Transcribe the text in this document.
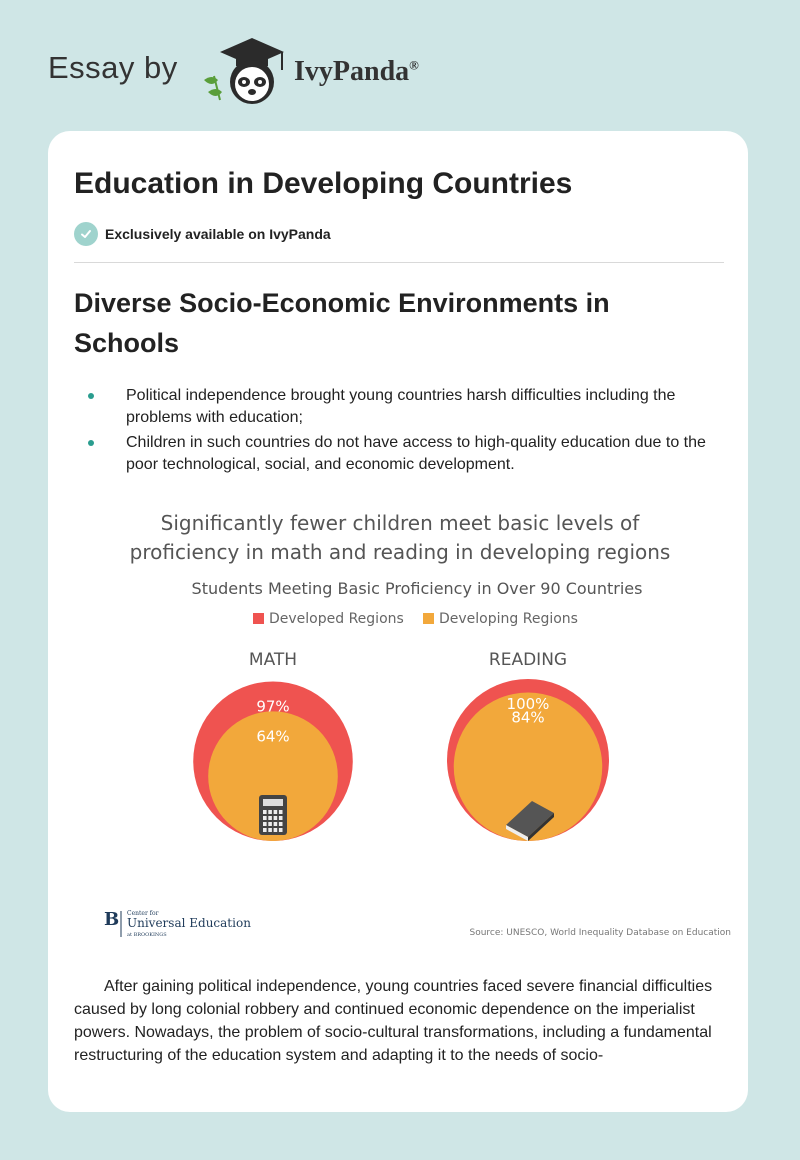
Essay by	IvyPanda®
Education in Developing Countries
Exclusively available on IvyPanda
Diverse Socio-Economic Environments in Schools
Political independence brought young countries harsh difficulties including the problems with education;
Children in such countries do not have access to high-quality education due to the poor technological, social, and economic development.
Significantly fewer children meet basic levels of
proficiency in math and reading in developing regions
Students Meeting Basic Proficiency in Over 90 Countries
Developed Regions	Developing Regions
MATH	READING
97%
64%
100%
84%
B Center for
Universal Education
at BROOKINGS	Source: UNESCO, World Inequality Database on Education

After gaining political independence, young countries faced severe financial difficulties caused by long colonial robbery and continued economic dependence on the imperialist powers. Nowadays, the problem of socio-cultural transformations, including a fundamental restructuring of the education system and adapting it to the needs of socio-
